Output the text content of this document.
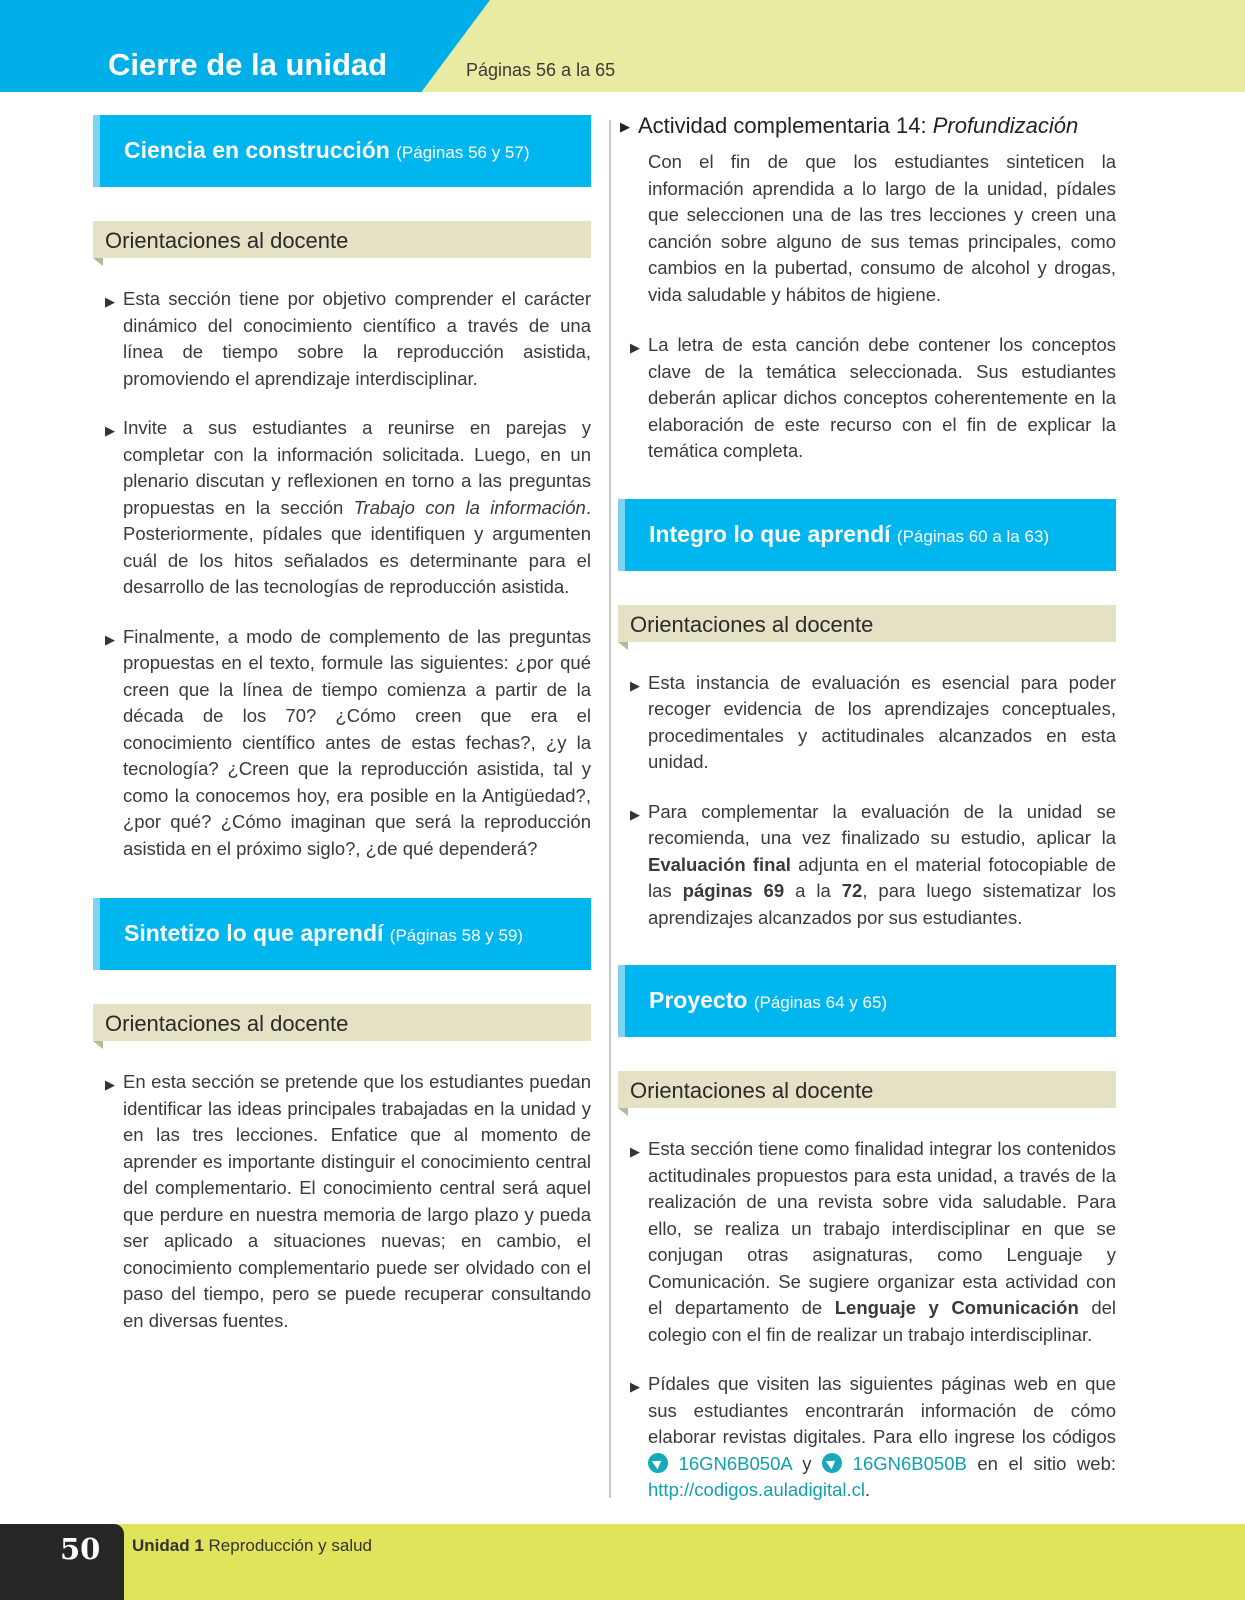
Cierre de la unidad	Páginas 56 a la 65
Ciencia en construcción (Páginas 56 y 57)
Orientaciones al docente
▶ Esta sección tiene por objetivo comprender el carácter dinámico del conocimiento científico a través de una línea de tiempo sobre la reproducción asistida, promoviendo el aprendizaje interdisciplinar.
▶ Invite a sus estudiantes a reunirse en parejas y completar con la información solicitada. Luego, en un plenario discutan y reflexionen en torno a las preguntas propuestas en la sección Trabajo con la información. Posteriormente, pídales que identifiquen y argumenten cuál de los hitos señalados es determinante para el desarrollo de las tecnologías de reproducción asistida.
▶ Finalmente, a modo de complemento de las preguntas propuestas en el texto, formule las siguientes: ¿por qué creen que la línea de tiempo comienza a partir de la década de los 70? ¿Cómo creen que era el conocimiento científico antes de estas fechas?, ¿y la tecnología? ¿Creen que la reproducción asistida, tal y como la conocemos hoy, era posible en la Antigüedad?, ¿por qué? ¿Cómo imaginan que será la reproducción asistida en el próximo siglo?, ¿de qué dependerá?
Sintetizo lo que aprendí (Páginas 58 y 59)
Orientaciones al docente
▶ En esta sección se pretende que los estudiantes puedan identificar las ideas principales trabajadas en la unidad y en las tres lecciones. Enfatice que al momento de aprender es importante distinguir el conocimiento central del complementario. El conocimiento central será aquel que perdure en nuestra memoria de largo plazo y pueda ser aplicado a situaciones nuevas; en cambio, el conocimiento complementario puede ser olvidado con el paso del tiempo, pero se puede recuperar consultando en diversas fuentes.
▶ Actividad complementaria 14: Profundización
Con el fin de que los estudiantes sinteticen la información aprendida a lo largo de la unidad, pídales que seleccionen una de las tres lecciones y creen una canción sobre alguno de sus temas principales, como cambios en la pubertad, consumo de alcohol y drogas, vida saludable y hábitos de higiene.
▶ La letra de esta canción debe contener los conceptos clave de la temática seleccionada. Sus estudiantes deberán aplicar dichos conceptos coherentemente en la elaboración de este recurso con el fin de explicar la temática completa.
Integro lo que aprendí (Páginas 60 a la 63)
Orientaciones al docente
▶ Esta instancia de evaluación es esencial para poder recoger evidencia de los aprendizajes conceptuales, procedimentales y actitudinales alcanzados en esta unidad.
▶ Para complementar la evaluación de la unidad se recomienda, una vez finalizado su estudio, aplicar la Evaluación final adjunta en el material fotocopiable de las páginas 69 a la 72, para luego sistematizar los aprendizajes alcanzados por sus estudiantes.
Proyecto (Páginas 64 y 65)
Orientaciones al docente
▶ Esta sección tiene como finalidad integrar los contenidos actitudinales propuestos para esta unidad, a través de la realización de una revista sobre vida saludable. Para ello, se realiza un trabajo interdisciplinar en que se conjugan otras asignaturas, como Lenguaje y Comunicación. Se sugiere organizar esta actividad con el departamento de Lenguaje y Comunicación del colegio con el fin de realizar un trabajo interdisciplinar.
▶ Pídales que visiten las siguientes páginas web en que sus estudiantes encontrarán información de cómo elaborar revistas digitales. Para ello ingrese los códigos  16GN6B050A y  16GN6B050B en el sitio web: http://codigos.auladigital.cl.
50 Unidad 1 Reproducción y salud
